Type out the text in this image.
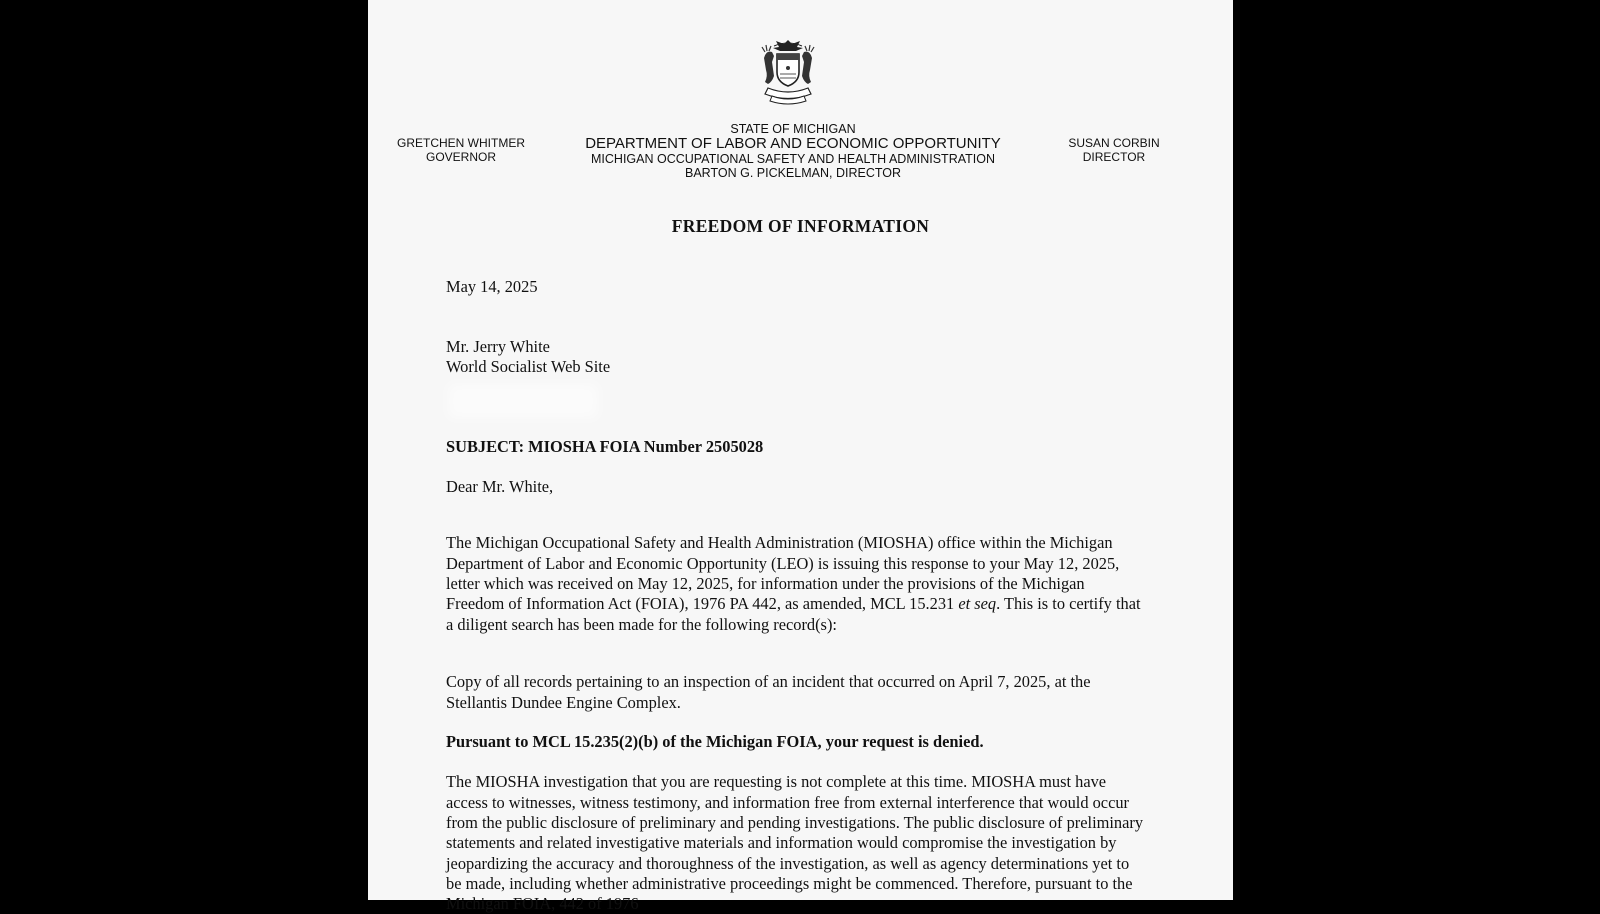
GRETCHEN WHITMER
GOVERNOR
STATE OF MICHIGAN
DEPARTMENT OF LABOR AND ECONOMIC OPPORTUNITY
MICHIGAN OCCUPATIONAL SAFETY AND HEALTH ADMINISTRATION
BARTON G. PICKELMAN, DIRECTOR
SUSAN CORBIN
DIRECTOR
FREEDOM OF INFORMATION
May 14, 2025
Mr. Jerry White
World Socialist Web Site
SUBJECT: MIOSHA FOIA Number 2505028
Dear Mr. White,

The Michigan Occupational Safety and Health Administration (MIOSHA) office within the Michigan Department of Labor and Economic Opportunity (LEO) is issuing this response to your May 12, 2025, letter which was received on May 12, 2025, for information under the provisions of the Michigan Freedom of Information Act (FOIA), 1976 PA 442, as amended, MCL 15.231 et seq. This is to certify that a diligent search has been made for the following record(s):

Copy of all records pertaining to an inspection of an incident that occurred on April 7, 2025, at the Stellantis Dundee Engine Complex.

Pursuant to MCL 15.235(2)(b) of the Michigan FOIA, your request is denied.

The MIOSHA investigation that you are requesting is not complete at this time. MIOSHA must have access to witnesses, witness testimony, and information free from external interference that would occur from the public disclosure of preliminary and pending investigations. The public disclosure of preliminary statements and related investigative materials and information would compromise the investigation by jeopardizing the accuracy and thoroughness of the investigation, as well as agency determinations yet to be made, including whether administrative proceedings might be commenced. Therefore, pursuant to the Michigan FOIA, 442 of 1976
